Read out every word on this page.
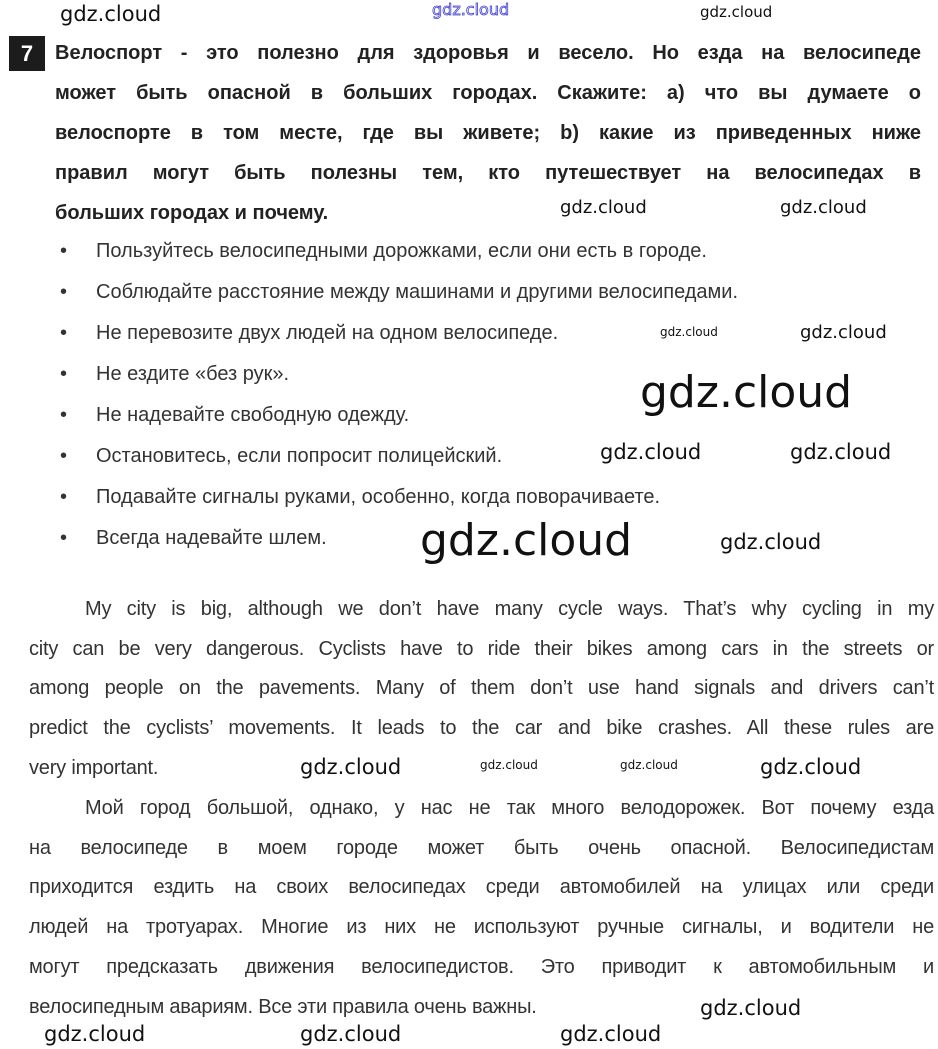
7	Велоспорт - это полезно для здоровья и весело. Но езда на велосипеде
может быть опасной в больших городах. Скажите: a) что вы думаете о
велоспорте в том месте, где вы живете; b) какие из приведенных ниже
правил могут быть полезны тем, кто путешествует на велосипедах в
больших городах и почему.
•	Пользуйтесь велосипедными дорожками, если они есть в городе.
•	Соблюдайте расстояние между машинами и другими велосипедами.
•	Не перевозите двух людей на одном велосипеде.
•	Не ездите «без рук».
•	Не надевайте свободную одежду.
•	Остановитесь, если попросит полицейский.
•	Подавайте сигналы руками, особенно, когда поворачиваете.
•	Всегда надевайте шлем.
My city is big, although we don’t have many cycle ways. That’s why cycling in my
city can be very dangerous. Cyclists have to ride their bikes among cars in the streets or
among people on the pavements. Many of them don’t use hand signals and drivers can’t
predict the cyclists’ movements. It leads to the car and bike crashes. All these rules are
very important.
Мой город большой, однако, у нас не так много велодорожек. Вот почему езда
на велосипеде в моем городе может быть очень опасной. Велосипедистам
приходится ездить на своих велосипедах среди автомобилей на улицах или среди
людей на тротуарах. Многие из них не используют ручные сигналы, и водители не
могут предсказать движения велосипедистов. Это приводит к автомобильным и
велосипедным авариям. Все эти правила очень важны.
gdz.cloud	gdz.cloud
gdz.cloud
gdz.cloud	gdz.cloud
gdz.cloud
gdz.cloud	gdz.cloud
gdz.cloud	gdz.cloud
gdz.cloud	gdz.cloud
gdz.cloud	gdz.cloud	gdz.cloud	gdz.cloud
gdz.cloud
gdz.cloud	gdz.cloud	gdz.cloud
